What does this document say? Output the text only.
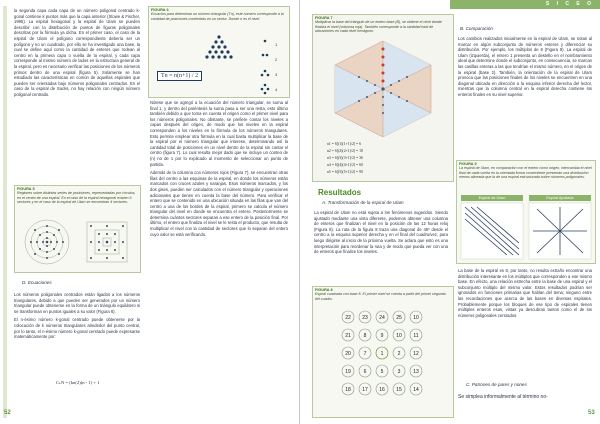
la segunda capa cada capa de un número poligonal centrado k-gonal contiene k puntos más que la capa anterior (Stowe & Fischer, 1995). La espiral hexagonal y la espiral de Ulam se pueden describir con la distribución de puntos de figuras poligonales descritas por la fórmula ya dicha. En el primer caso, el caso de la espiral de Ulam el polígono correspondiente debería ser un polígono y no un cuadrado, por ello se ha investigado una base, la cual se define aquí como la cantidad de enteros que rodean al centro en la primera capa o vuelta de la espiral, y cada capa corresponde al mismo número de lados en la estructura general de la espiral, pero es necesario verificar las posiciones de los números primos dentro de una espiral (figura 5). Solamente se han estudiado las características en común de aquellas espirales que pueden ser orientadas bajo números poligonales centrados. En el caso de la espiral de Sacks, no hay relación con ningún número poligonal centrado.

FIGURA 5
Regiones sobre distintas series de posiciones, representadas por círculos, en el centro de una espiral. En el caso de la espiral hexagonal existen 6 sectores y en el caso de la espiral de Ulam se encuentran 4 sectores.
D. Ecuaciones

Los números poligonales centrados están ligados a los números triangulares, debido a que pueden ser generados por un número triangular puede obtenerse en la forma de un triángulo equilátero si se transforman en puntos iguales a su valor (Figura 6).

El n-ésimo número k-gonal centrado puede obtenerse por la colocación de k números triangulares alrededor del punto central, por lo tanto, el n-ésimo número k-gonal centrado puede expresarse matemáticamente por:

CₖN = (kn(2)(n - 1) + 1
FIGURA 6
Ecuación para determinar un número triangular (Tn), este número corresponde a la cantidad de posiciones contenidas en un sector. Donde n es el nivel.
Tn = n(n+1) / 2
1
2
3
4

Nótese que se agregó a la ecuación del número triangular, se suma al final 1, y dentro del paréntesis la suma pasa a ser una resta, esto último también debido a que toma en cuenta el origen como el primer nivel para los números poligonales. No obstante, se prefiere contar los niveles a capas después del origen, de modo que los niveles en la espiral corresponden a los niveles en la fórmula de los números triangulares. Esto permite emplear otra fórmula en la cual basta multiplicar la base de la espiral por el número triangular que interese, determinando así la cantidad total de posiciones en un nivel dentro de la espiral sin contar el centro (figura 7). Lo cual resulta mejor dado que se incluye un conteo de (n) no de 1 por lo explicado al momento de seleccionar un punto de partida.

Además de la columna con números rojos (Figura 7), se encuentran otras filas del centro a las esquinas de la espiral, en donde los números están marcados con cruces azules y naranjas. Esos números marcados, y los dos gises, pueden ser calculados con el número triangular y operaciones adicionales que tienen en cuenta la base del número. Para verificar el entero que se contenido en una ubicación situada en las filas que van del centro a una de los bordes de la espiral, primero se calcula el número triangular del nivel en donde se encuentra el entero. Posteriormente se determina cuántos sectores separan a ese entero de la posición final. Por último, el entero que finaliza el nivel se le resta el producto, que resulta de multiplicar el nivel con la cantidad de sectores que lo separan del entero cuyo valor se está verificando.

52
S I C E O
FIGURA 7
Multiplicar la base del triángulo de un entero base (B), se obtiene el nivel donde finaliza el nivel (columna roja). También corresponde a la cantidad total de ubicaciones en cada nivel hexágono.
n1 = 6[(1)(1+1)/2] = 6
n2 = 6[(2)(2+1)/2] = 18
n3 = 6[(3)(3+1)/2] = 36
n4 = 6[(4)(4+1)/2] = 60
n5 = 6[(5)(5+1)/2] = 90
Resultados
A. Transformación de la espiral de Ulam

La espiral de Ulam no está sujeta a los fenómenos sugeridos. Siendo ajustado mediante una vista diferente, podemos obtener una columna de enteros que finalizan el nivel en la posición de las 12 horas reloj (Figura 8). La ruta de la figura 8 traza una diagonal de 45º desde el centro a la esquina superior derecha y en el final del cuadro/vez, para luego dirigirse al inicio de la próxima vuelta. Se aclara que esto es una interpretación para reordenar la ruta y de modo que pueda ver con una de enteros que finalice los niveles.

FIGURA 8
Espiral cuadrada con base 8. El primer nivel se cuenta a partir del primer segundo del cuadro.
22 23 24 25 10
21	8	9	10 11
20	7	1	2	12
19	6	5	3	13
18 17 16 15 14
B. Comparación

Los cambios realizados inicialmente en la espiral de Ulam, se notan al marcar en algún subconjunto de números enteros y diferenciar su distribución. Por ejemplo, los múltiplos de 8 (Figura 9). La espiral de Ulam (izquierda), el entero 1 presenta un destello en el nombramiento ideal que determine donde el subconjunto, en consecuencia, se marcan las casillas enteras a las que tendrían el mismo número, en el origen de la espiral (base 2). También, la orientación de la espiral de Ulam provoca que las posiciones finales de los niveles se encuentren en una diagonal ubicada en dirección a la esquina inferior derecha del lector, mientras que la columna central en la espiral derecha contiene los enteros finales en su nivel superior.

FIGURA 9
La espiral de Ulam, en comparación con el entero como origen, intercambia el nivel final de cada vuelta en la orientada forma conveniente presentan una distribución menos alineada que la de una espiral estructurada sobre números poligonales.
Espiral de Ulam	Espiral Ajustada

La base de la espiral es 8, por tanto, no resulta extraño encontrar una distribución interesante en los múltiplos que corresponden a ese mismo base. En efecto, una relación estrecha entre la base de una espiral y el subconjunto múltiplo del mismo valor. Estos resultados podrían ser ignorados en funciones primarias que hablan del tema; ninguno entre las recordaciones que acerca de las bases en diversas espirales. Probablemente porque los bloques de ese tipo de espirales tienen múltiples enteros esas, vistas ya descubran tantos como el de los números poligonales centrados.

C. Patrones de pares y nones
Se simplea informalmente al término no-
53
